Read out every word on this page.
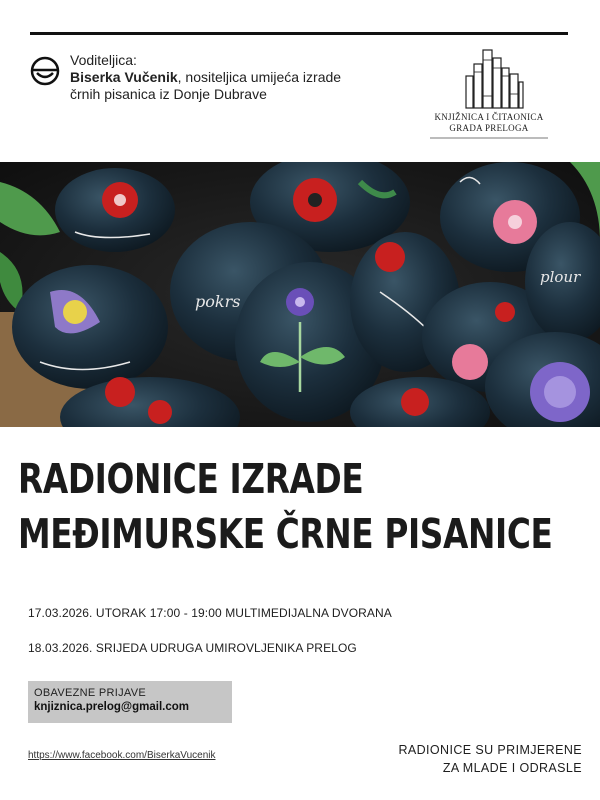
Voditeljica:
Biserka Vučenik, nositeljica umijeća izrade črnih pisanica iz Donje Dubrave
KNJIŽNICA I ČITAONICA
GRADA PRELOGA
pokrs
plour
RADIONICE IZRADE
MEĐIMURSKE ČRNE PISANICE
17.03.2026. UTORAK 17:00 - 19:00 MULTIMEDIJALNA DVORANA
18.03.2026. SRIJEDA UDRUGA UMIROVLJENIKA PRELOG
OBAVEZNE PRIJAVE
knjiznica.prelog@gmail.com
https://www.facebook.com/BiserkaVucenik	RADIONICE SU PRIMJERENE
ZA MLADE I ODRASLE
